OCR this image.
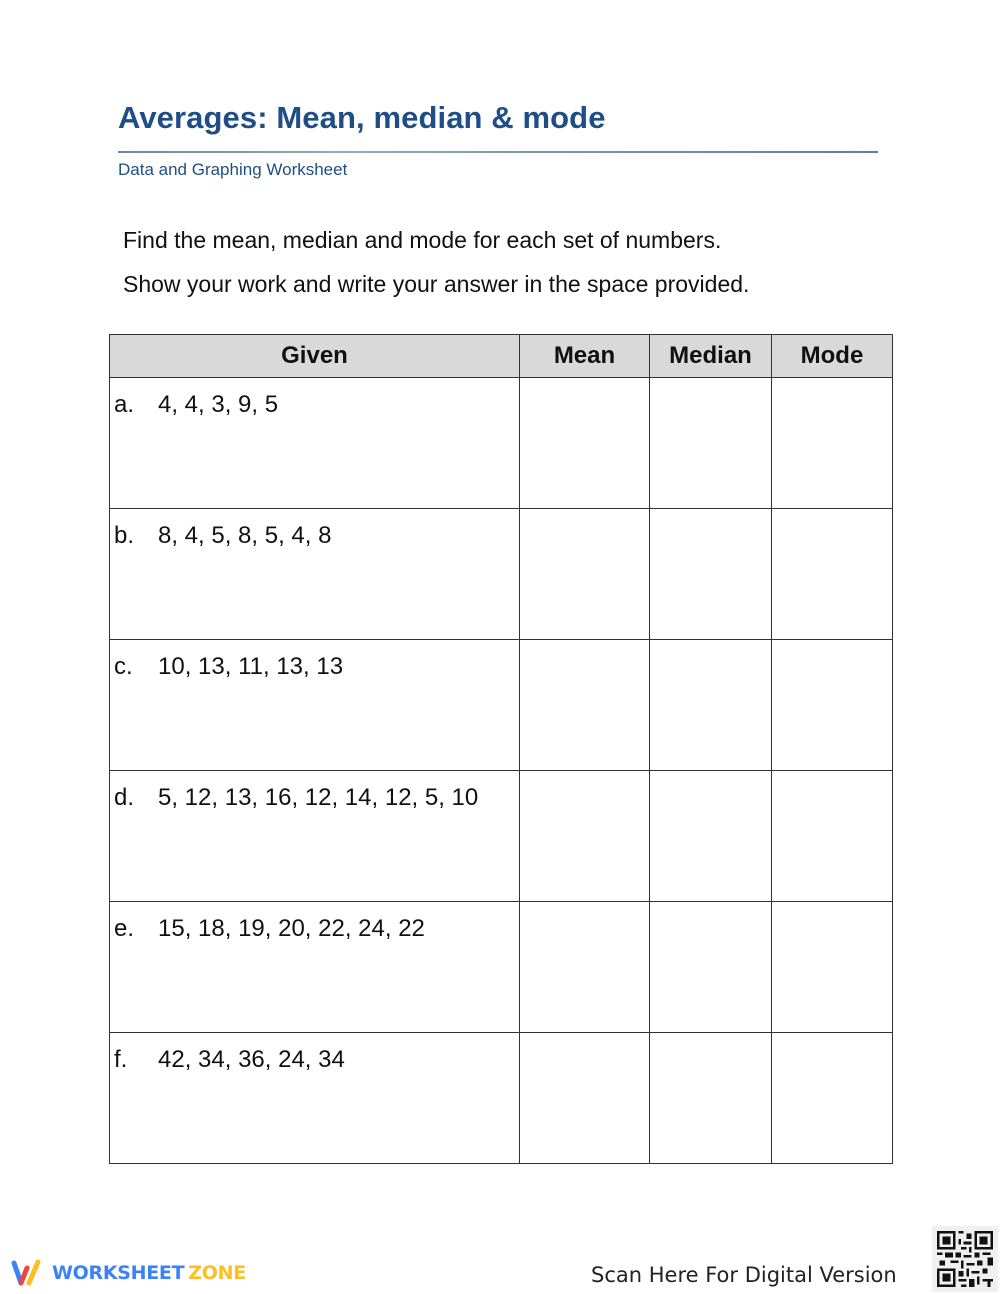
Averages: Mean, median & mode
Data and Graphing Worksheet
Find the mean, median and mode for each set of numbers.
Show your work and write your answer in the space provided.
Given	Mean	Median	Mode

a. 4, 4, 3, 9, 5			

b. 8, 4, 5, 8, 5, 4, 8			

c. 10, 13, 11, 13, 13			

d. 5, 12, 13, 16, 12, 14, 12, 5, 10			

e. 15, 18, 19, 20, 22, 24, 22			

f. 42, 34, 36, 24, 34			

WORKSHEET ZONE	Scan Here For Digital Version
